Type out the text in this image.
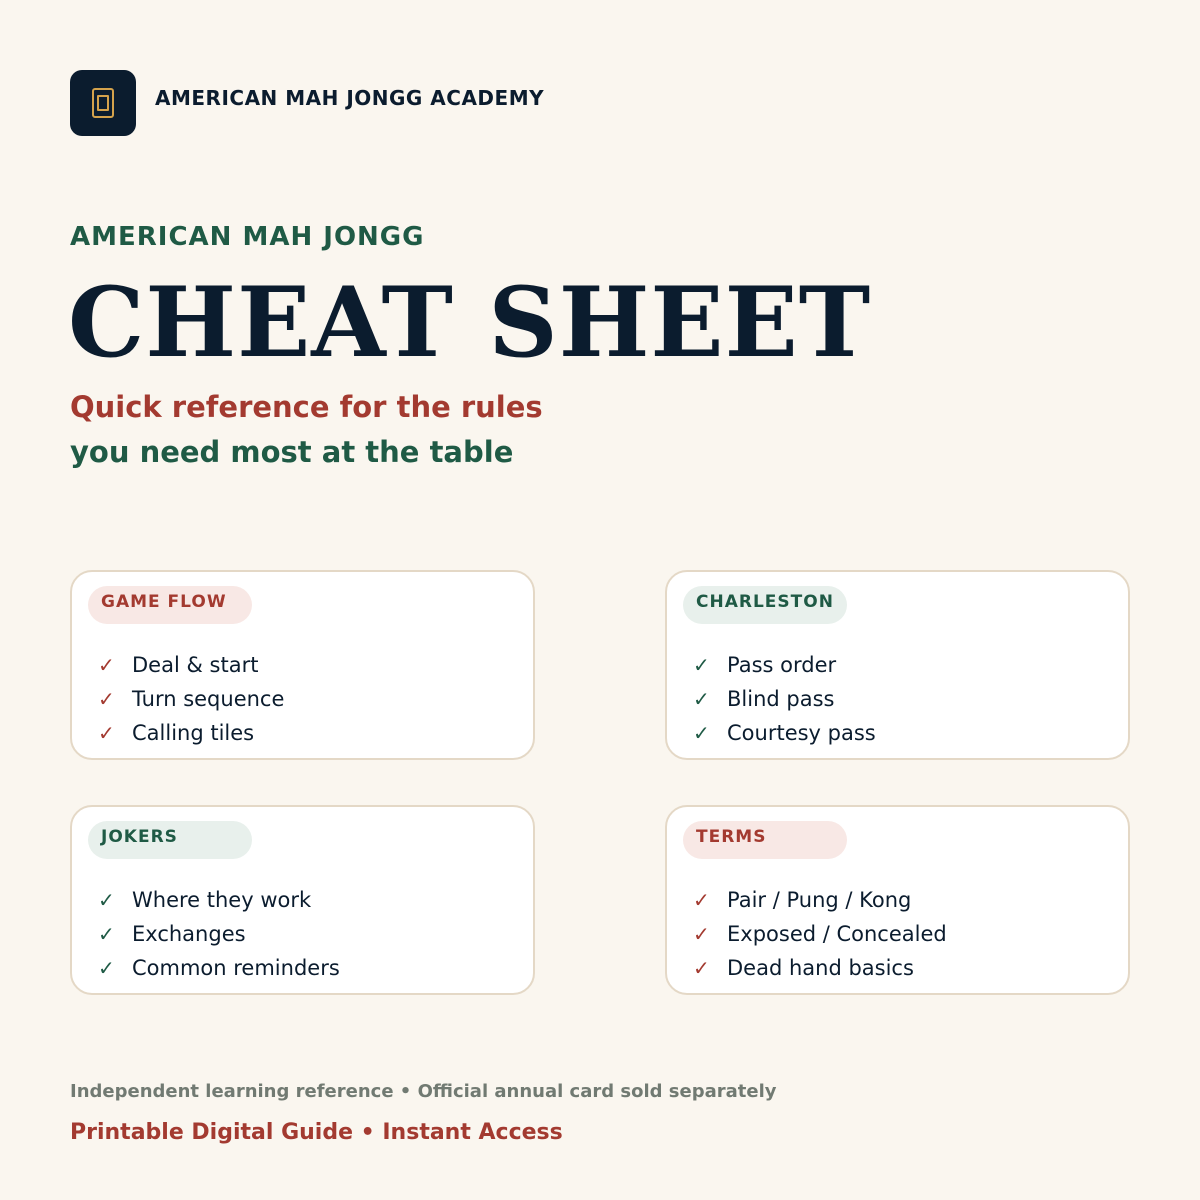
AMERICAN MAH JONGG ACADEMY
AMERICAN MAH JONGG
CHEAT SHEET
Quick reference for the rules
you need most at the table
GAME FLOW
✓ Deal & start
✓ Turn sequence
✓ Calling tiles
CHARLESTON
✓ Pass order
✓ Blind pass
✓ Courtesy pass
JOKERS
✓ Where they work
✓ Exchanges
✓ Common reminders
TERMS
✓ Pair / Pung / Kong
✓ Exposed / Concealed
✓ Dead hand basics
Independent learning reference • Official annual card sold separately
Printable Digital Guide • Instant Access
